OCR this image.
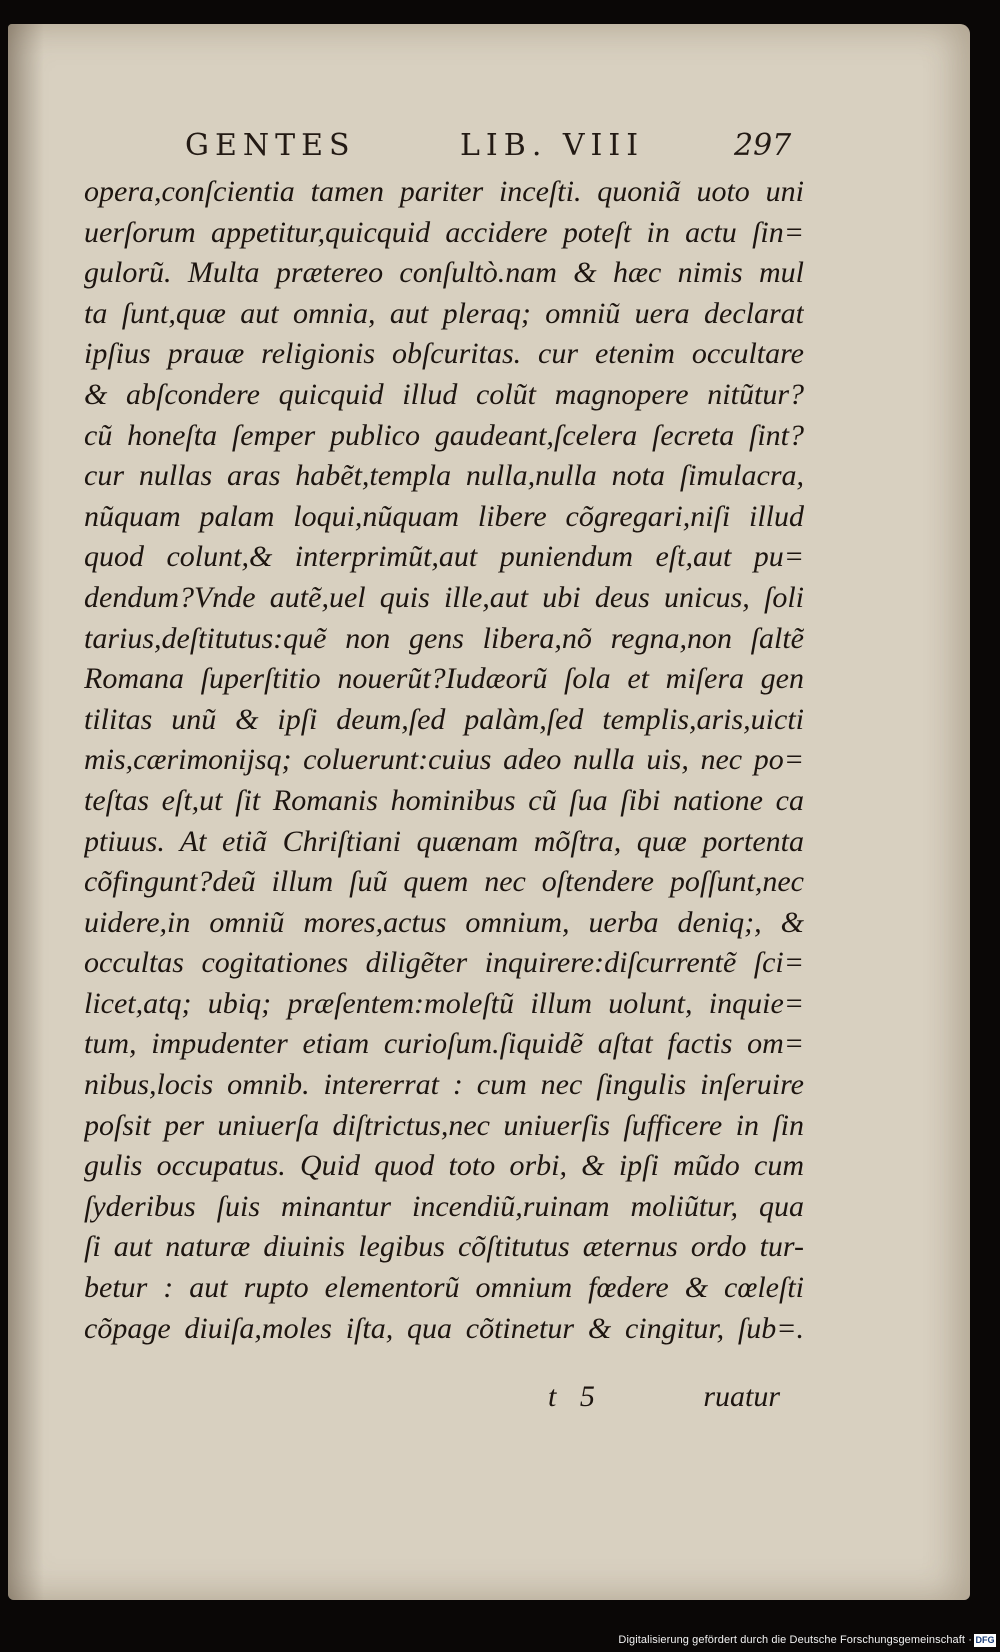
GENTES	LIB. VIII	297
opera,conſcientia tamen pariter inceſti. quoniã uoto uni
uerſorum appetitur,quicquid accidere poteſt in actu ſin=
gulorũ. Multa prætereo conſultò.nam & hæc nimis mul
ta ſunt,quæ aut omnia, aut pleraq; omniũ uera declarat
ipſius prauæ religionis obſcuritas. cur etenim occultare
& abſcondere quicquid illud colũt magnopere nitũtur?
cũ honeſta ſemper publico gaudeant,ſcelera ſecreta ſint?
cur nullas aras habẽt,templa nulla,nulla nota ſimulacra,
nũquam palam loqui,nũquam libere cõgregari,niſi illud
quod colunt,& interprimũt,aut puniendum eſt,aut pu=
dendum?Vnde autẽ,uel quis ille,aut ubi deus unicus, ſoli
tarius,deſtitutus:quẽ non gens libera,nõ regna,non ſaltẽ
Romana ſuperſtitio nouerũt?Iudæorũ ſola et miſera gen
tilitas unũ & ipſi deum,ſed palàm,ſed templis,aris,uicti
mis,cærimonijsq; coluerunt:cuius adeo nulla uis, nec po=
teſtas eſt,ut ſit Romanis hominibus cũ ſua ſibi natione ca
ptiuus. At etiã Chriſtiani quænam mõſtra, quæ portenta
cõfingunt?deũ illum ſuũ quem nec oſtendere poſſunt,nec
uidere,in omniũ mores,actus omnium, uerba deniq;, &
occultas cogitationes diligẽter inquirere:diſcurrentẽ ſci=
licet,atq; ubiq; præſentem:moleſtũ illum uolunt, inquie=
tum, impudenter etiam curioſum.ſiquidẽ aſtat factis om=
nibus,locis omnib. intererrat : cum nec ſingulis inſeruire
poſsit per uniuerſa diſtrictus,nec uniuerſis ſufficere in ſin
gulis occupatus. Quid quod toto orbi, & ipſi mũdo cum
ſyderibus ſuis minantur incendiũ,ruinam moliũtur, qua
ſi aut naturæ diuinis legibus cõſtitutus æternus ordo tur-
betur : aut rupto elementorũ omnium fœdere & cœleſti
cõpage diuiſa,moles iſta, qua cõtinetur & cingitur, ſub=.
t 5	ruatur
Digitalisierung gefördert durch die Deutsche Forschungsgemeinschaft · DFG
